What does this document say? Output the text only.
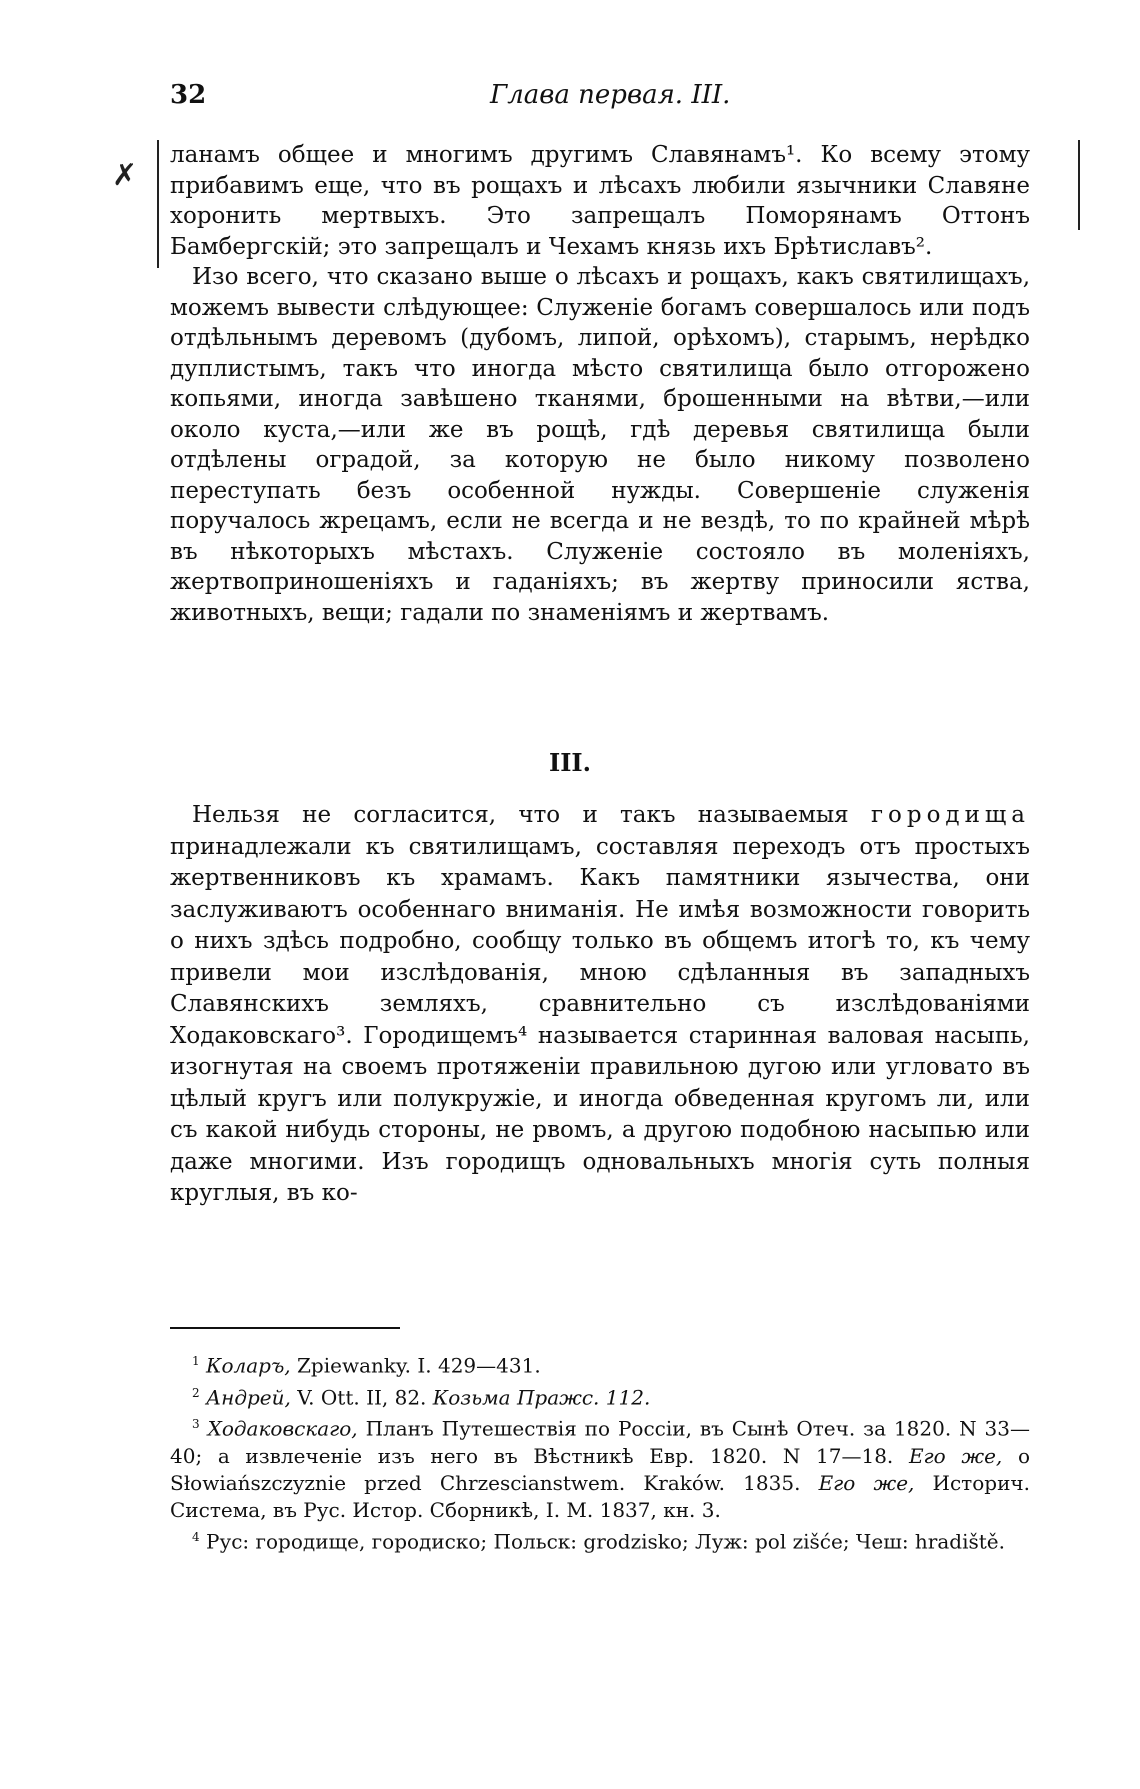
32	Глава первая. III.
✗

ланамъ общее и многимъ другимъ Славянамъ¹. Ко всему этому прибавимъ еще, что въ рощахъ и лѣсахъ любили язычники Славяне хоронить мертвыхъ. Это запрещалъ Поморянамъ Оттонъ Бамбергскій; это запрещалъ и Чехамъ князь ихъ Брѣтиславъ².

Изо всего, что сказано выше о лѣсахъ и рощахъ, какъ святилищахъ, можемъ вывести слѣдующее: Служеніе богамъ совершалось или подъ отдѣльнымъ деревомъ (дубомъ, липой, орѣхомъ), старымъ, нерѣдко дуплистымъ, такъ что иногда мѣсто святилища было отгорожено копьями, иногда завѣшено тканями, брошенными на вѣтви,—или около куста,—или же въ рощѣ, гдѣ деревья святилища были отдѣлены оградой, за которую не было никому позволено переступать безъ особенной нужды. Совершеніе служенія поручалось жрецамъ, если не всегда и не вездѣ, то по крайней мѣрѣ въ нѣкоторыхъ мѣстахъ. Служеніе состояло въ моленіяхъ, жертвоприношеніяхъ и гаданіяхъ; въ жертву приносили яства, животныхъ, вещи; гадали по знаменіямъ и жертвамъ.

III.

Нельзя не согласится, что и такъ называемыя городища принадлежали къ святилищамъ, составляя переходъ отъ простыхъ жертвенниковъ къ храмамъ. Какъ памятники язычества, они заслуживаютъ особеннаго вниманія. Не имѣя возможности говорить о нихъ здѣсь подробно, сообщу только въ общемъ итогѣ то, къ чему привели мои изслѣдованія, мною сдѣланныя въ западныхъ Славянскихъ земляхъ, сравнительно съ изслѣдованіями Ходаковскаго³. Городищемъ⁴ называется старинная валовая насыпь, изогнутая на своемъ протяженіи правильною дугою или угловато въ цѣлый кругъ или полукружіе, и иногда обведенная кругомъ ли, или съ какой нибудь стороны, не рвомъ, а другою подобною насыпью или даже многими. Изъ городищъ одновальныхъ многія суть полныя круглыя, въ ко-

$^1$ Коларъ, Zpiewanky. I. 429—431.

$^2$ Андрей, V. Ott. II, 82. Козьма Пражс. 112.

$^3$ Ходаковскаго, Планъ Путешествія по Россіи, въ Сынѣ Отеч. за 1820. N 33—40; а извлеченіе изъ него въ Вѣстникѣ Евр. 1820. N 17—18. Его же, o Słowiańszczyznie przed Chrzescianstwem. Kraków. 1835. Его же, Историч. Система, въ Рус. Истор. Сборникѣ, I. М. 1837, кн. 3.

$^4$ Рус: городище, городиско; Польск: grodzisko; Луж: pol zišće; Чеш: hradiště.
